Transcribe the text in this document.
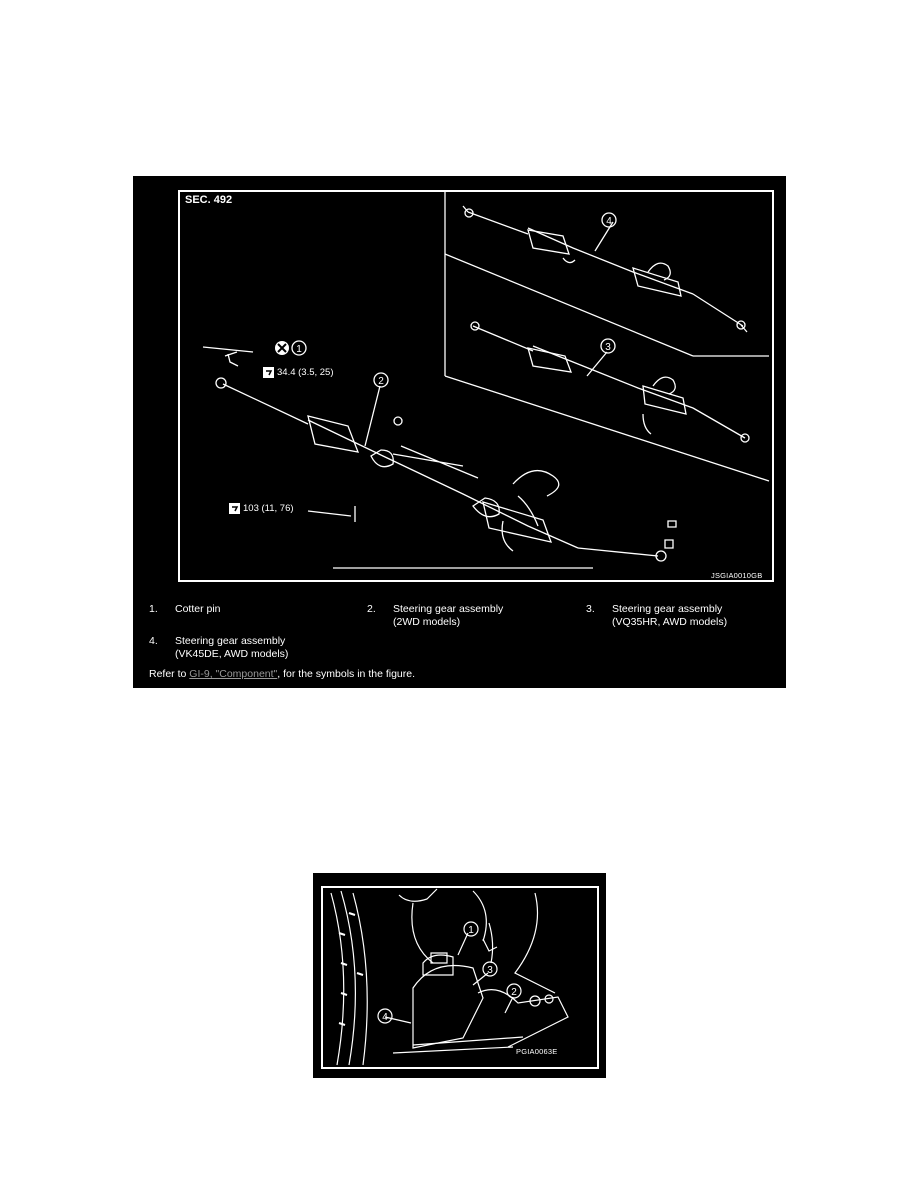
SEC. 492
1
2
4
3
34.4 (3.5, 25)
103 (11, 76)
JSGIA0010GB
1. Cotter pin	2. Steering gear assembly
(2WD models)
3. Steering gear assembly
(VQ35HR, AWD models)
4. Steering gear assembly
(VK45DE, AWD models)
Refer to GI-9, "Component", for the symbols in the figure.
1
2
3
4
PGIA0063E
